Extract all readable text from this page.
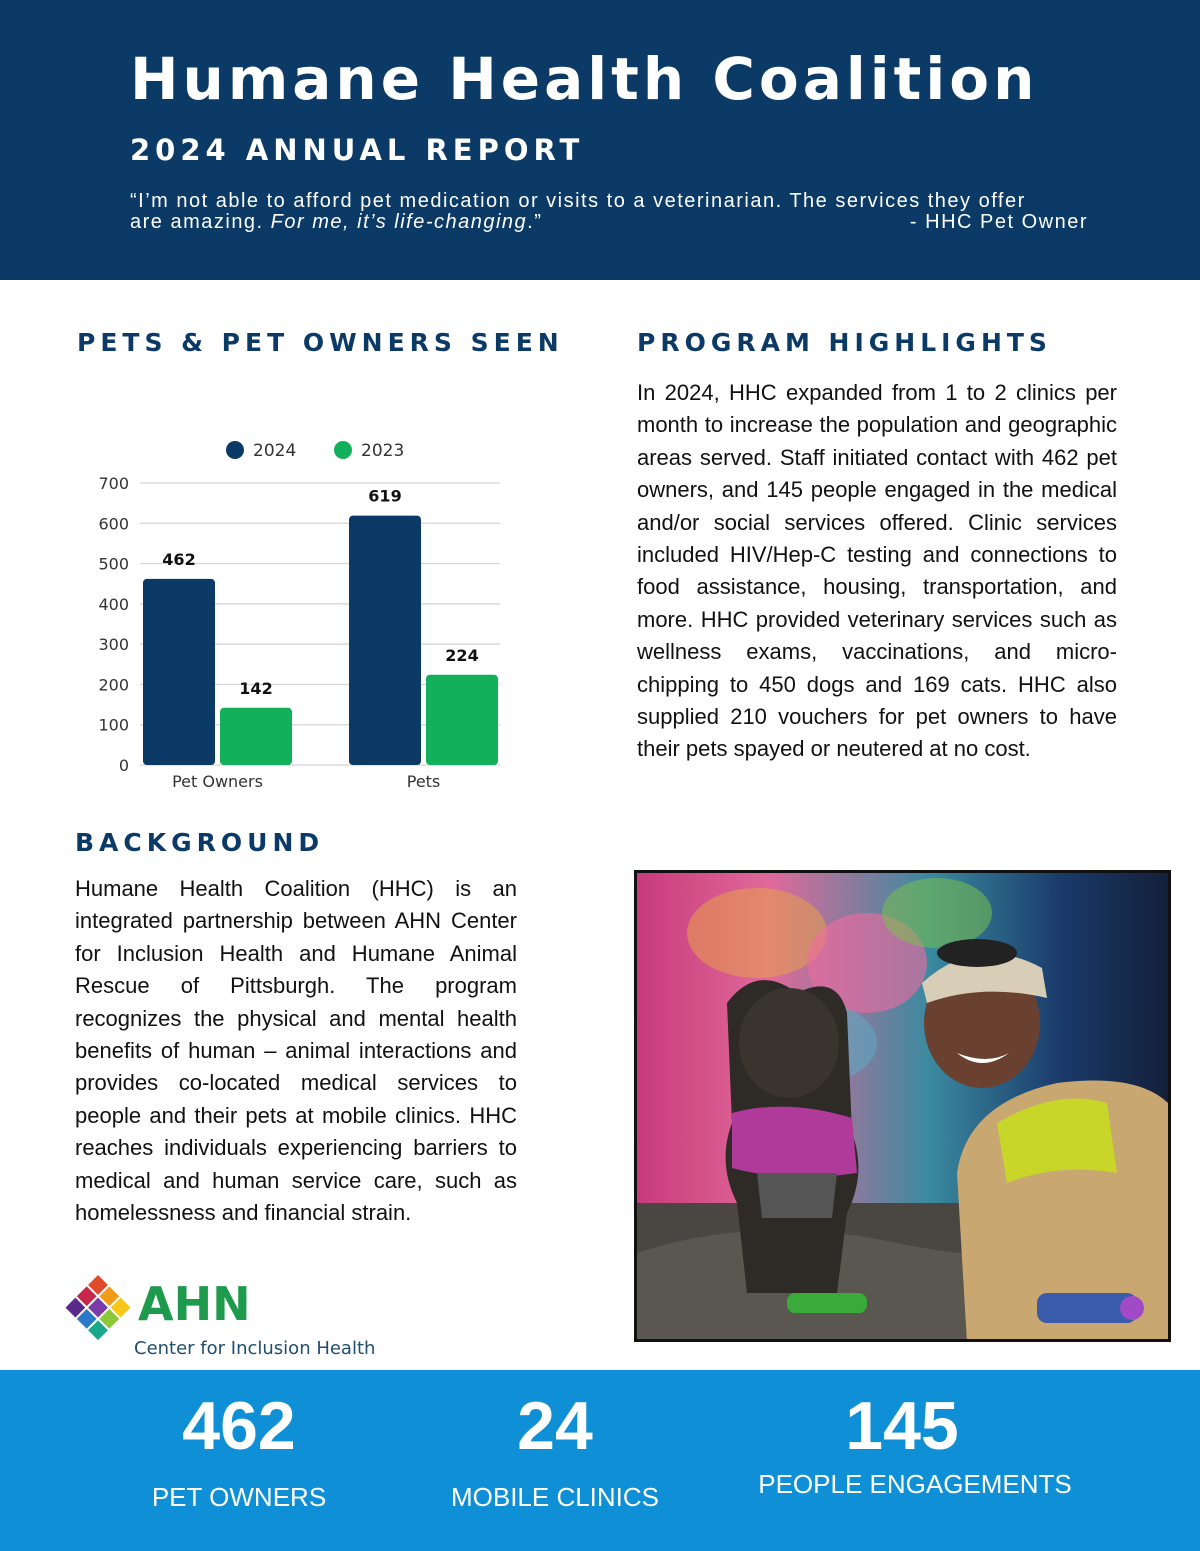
Humane Health Coalition
2024 ANNUAL REPORT
“I’m not able to afford pet medication or visits to a veterinarian. The services they offer
are amazing. For me, it’s life-changing.”	- HHC Pet Owner
PETS & PET OWNERS SEEN
0
100
200
300
400
500
600
700
2024	2023
462
142
Pet Owners
619
224
Pets
PROGRAM HIGHLIGHTS
In 2024, HHC expanded from 1 to 2 clinics per month to increase the population and geographic areas served. Staff initiated contact with 462 pet owners, and 145 people engaged in the medical and/or social services offered. Clinic services included HIV/Hep-C testing and connections to food assistance, housing, transportation, and more. HHC provided veterinary services such as wellness exams, vaccinations, and micro-chipping to 450 dogs and 169 cats. HHC also supplied 210 vouchers for pet owners to have their pets spayed or neutered at no cost.
BACKGROUND
Humane Health Coalition (HHC) is an integrated partnership between AHN Center for Inclusion Health and Humane Animal Rescue of Pittsburgh. The program recognizes the physical and mental health benefits of human – animal interactions and provides co-located medical services to people and their pets at mobile clinics. HHC reaches individuals experiencing barriers to medical and human service care, such as homelessness and financial strain.
AHN
Center for Inclusion Health
462
PET OWNERS
24
MOBILE CLINICS
145
PEOPLE ENGAGEMENTS
